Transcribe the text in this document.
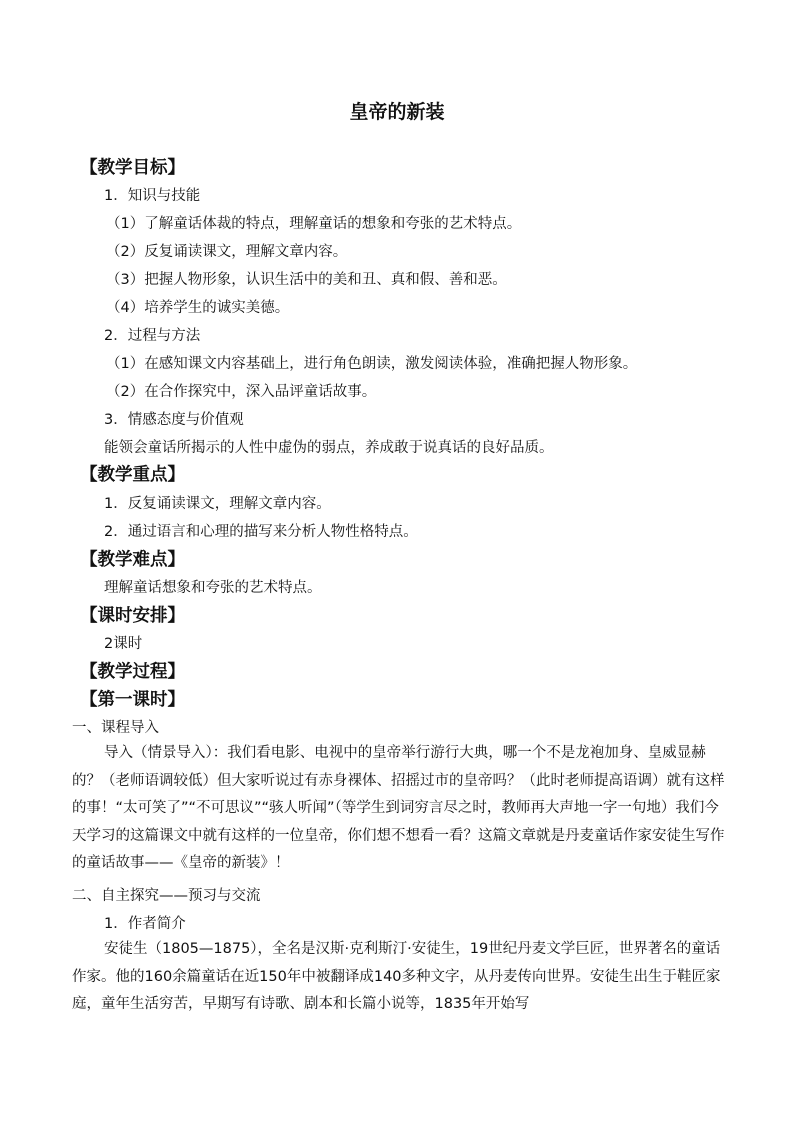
皇帝的新装
【教学目标】
1．知识与技能
（1）了解童话体裁的特点，理解童话的想象和夸张的艺术特点。
（2）反复诵读课文，理解文章内容。
（3）把握人物形象，认识生活中的美和丑、真和假、善和恶。
（4）培养学生的诚实美德。
2．过程与方法
（1）在感知课文内容基础上，进行角色朗读，激发阅读体验，准确把握人物形象。
（2）在合作探究中，深入品评童话故事。
3．情感态度与价值观
能领会童话所揭示的人性中虚伪的弱点，养成敢于说真话的良好品质。
【教学重点】
1．反复诵读课文，理解文章内容。
2．通过语言和心理的描写来分析人物性格特点。
【教学难点】
理解童话想象和夸张的艺术特点。
【课时安排】
2课时
【教学过程】
【第一课时】
一、课程导入
导入（情景导入）：我们看电影、电视中的皇帝举行游行大典，哪一个不是龙袍加身、皇威显赫的？（老师语调较低）但大家听说过有赤身裸体、招摇过市的皇帝吗？（此时老师提高语调）就有这样的事！“太可笑了”“不可思议”“骇人听闻”（等学生到词穷言尽之时，教师再大声地一字一句地）我们今天学习的这篇课文中就有这样的一位皇帝，你们想不想看一看？这篇文章就是丹麦童话作家安徒生写作的童话故事——《皇帝的新装》！
二、自主探究——预习与交流
1．作者简介
安徒生（1805—1875），全名是汉斯·克利斯汀·安徒生，19世纪丹麦文学巨匠，世界著名的童话作家。他的160余篇童话在近150年中被翻译成140多种文字，从丹麦传向世界。安徒生出生于鞋匠家庭，童年生活穷苦，早期写有诗歌、剧本和长篇小说等，1835年开始写
